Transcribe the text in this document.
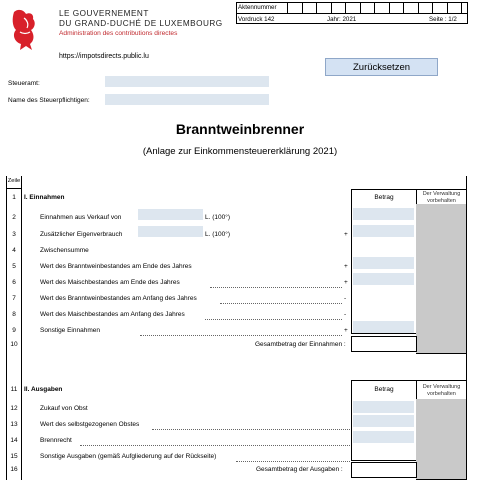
LE GOUVERNEMENT
DU GRAND-DUCHÉ DE LUXEMBOURG
Administration des contributions directes
https://impotsdirects.public.lu
Aktennummer
Vordruck 142	Jahr: 2021	Seite : 1/2
Zurücksetzen
Steueramt:
Name des Steuerpflichtigen:
Branntweinbrenner
(Anlage zur Einkommensteuererklärung 2021)
Zeile
1	I. Einnahmen	Betrag	Der Verwaltung vorbehalten
2	Einnahmen aus Verkauf von	L. (100°)
3	Zusätzlicher Eigenverbrauch	L. (100°)	+
4	Zwischensumme
5	Wert des Branntweinbestandes am Ende des Jahres	+
6	Wert des Maischbestandes am Ende des Jahres	+
7	Wert des Branntweinbestandes am Anfang des Jahres	-
8	Wert des Maischbestandes am Anfang des Jahres	-
9	Sonstige Einnahmen	+
10	Gesamtbetrag der Einnahmen :
11	II. Ausgaben	Betrag	Der Verwaltung vorbehalten
12	Zukauf von Obst
13	Wert des selbstgezogenen Obstes
14	Brennrecht
15	Sonstige Ausgaben (gemäß Aufgliederung auf der Rückseite)
16	Gesamtbetrag der Ausgaben :
